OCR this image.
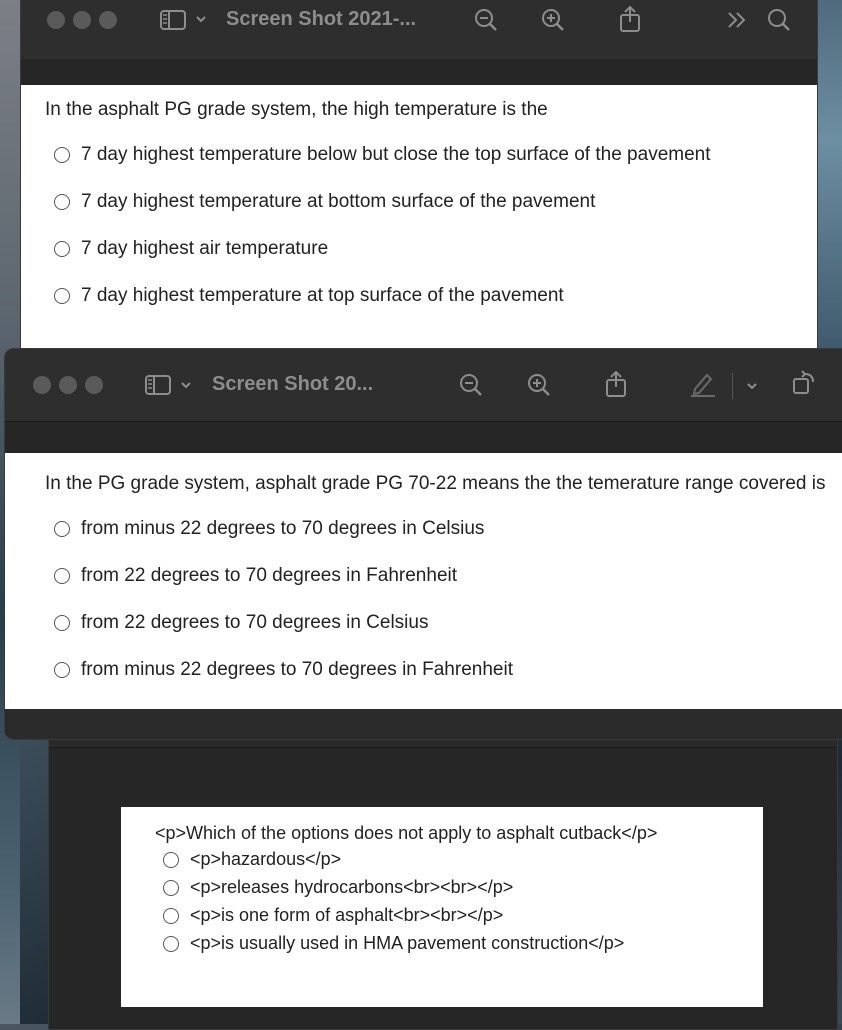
<p>Which of the options does not apply to asphalt cutback</p>
<p>hazardous</p>
<p>releases hydrocarbons<br><br></p>
<p>is one form of asphalt<br><br></p>
<p>is usually used in HMA pavement construction</p>
Screen Shot 2021-...
In the asphalt PG grade system, the high temperature is the
7 day highest temperature below but close the top surface of the pavement
7 day highest temperature at bottom surface of the pavement
7 day highest air temperature
7 day highest temperature at top surface of the pavement
Screen Shot 20...
In the PG grade system, asphalt grade PG 70-22 means the the temerature range covered is
from minus 22 degrees to 70 degrees in Celsius
from 22 degrees to 70 degrees in Fahrenheit
from 22 degrees to 70 degrees in Celsius
from minus 22 degrees to 70 degrees in Fahrenheit
